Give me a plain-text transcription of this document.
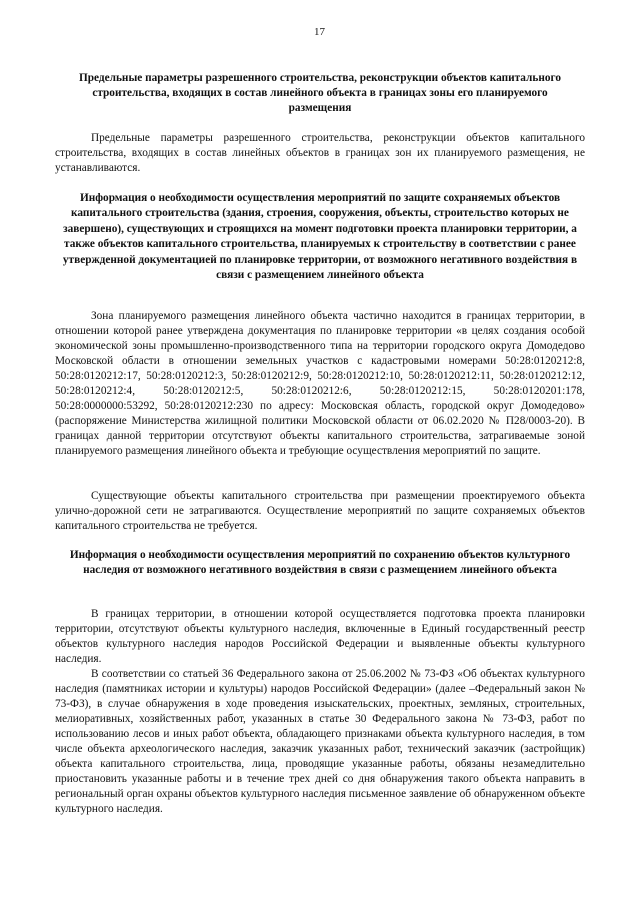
17
Предельные параметры разрешенного строительства, реконструкции объектов капитального строительства, входящих в состав линейного объекта в границах зоны его планируемого размещения
Предельные параметры разрешенного строительства, реконструкции объектов капитального строительства, входящих в состав линейных объектов в границах зон их планируемого размещения, не устанавливаются.
Информация о необходимости осуществления мероприятий по защите сохраняемых объектов капитального строительства (здания, строения, сооружения, объекты, строительство которых не завершено), существующих и строящихся на момент подготовки проекта планировки территории, а также объектов капитального строительства, планируемых к строительству в соответствии с ранее утвержденной документацией по планировке территории, от возможного негативного воздействия в связи с размещением линейного объекта
Зона планируемого размещения линейного объекта частично находится в границах территории, в отношении которой ранее утверждена документация по планировке территории «в целях создания особой экономической зоны промышленно-производственного типа на территории городского округа Домодедово Московской области в отношении земельных участков с кадастровыми номерами 50:28:0120212:8, 50:28:0120212:17, 50:28:0120212:3, 50:28:0120212:9, 50:28:0120212:10, 50:28:0120212:11, 50:28:0120212:12, 50:28:0120212:4, 50:28:0120212:5, 50:28:0120212:6, 50:28:0120212:15, 50:28:0120201:178, 50:28:0000000:53292, 50:28:0120212:230 по адресу: Московская область, городской округ Домодедово» (распоряжение Министерства жилищной политики Московской области от 06.02.2020 № П28/0003-20). В границах данной территории отсутствуют объекты капитального строительства, затрагиваемые зоной планируемого размещения линейного объекта и требующие осуществления мероприятий по защите.
Существующие объекты капитального строительства при размещении проектируемого объекта улично-дорожной сети не затрагиваются. Осуществление мероприятий по защите сохраняемых объектов капитального строительства не требуется.
Информация о необходимости осуществления мероприятий по сохранению объектов культурного наследия от возможного негативного воздействия в связи с размещением линейного объекта
В границах территории, в отношении которой осуществляется подготовка проекта планировки территории, отсутствуют объекты культурного наследия, включенные в Единый государственный реестр объектов культурного наследия народов Российской Федерации и выявленные объекты культурного наследия.
В соответствии со статьей 36 Федерального закона от 25.06.2002 № 73-ФЗ «Об объектах культурного наследия (памятниках истории и культуры) народов Российской Федерации» (далее –Федеральный закон № 73-ФЗ), в случае обнаружения в ходе проведения изыскательских, проектных, земляных, строительных, мелиоративных, хозяйственных работ, указанных в статье 30 Федерального закона № 73-ФЗ, работ по использованию лесов и иных работ объекта, обладающего признаками объекта культурного наследия, в том числе объекта археологического наследия, заказчик указанных работ, технический заказчик (застройщик) объекта капитального строительства, лица, проводящие указанные работы, обязаны незамедлительно приостановить указанные работы и в течение трех дней со дня обнаружения такого объекта направить в региональный орган охраны объектов культурного наследия письменное заявление об обнаруженном объекте культурного наследия.
